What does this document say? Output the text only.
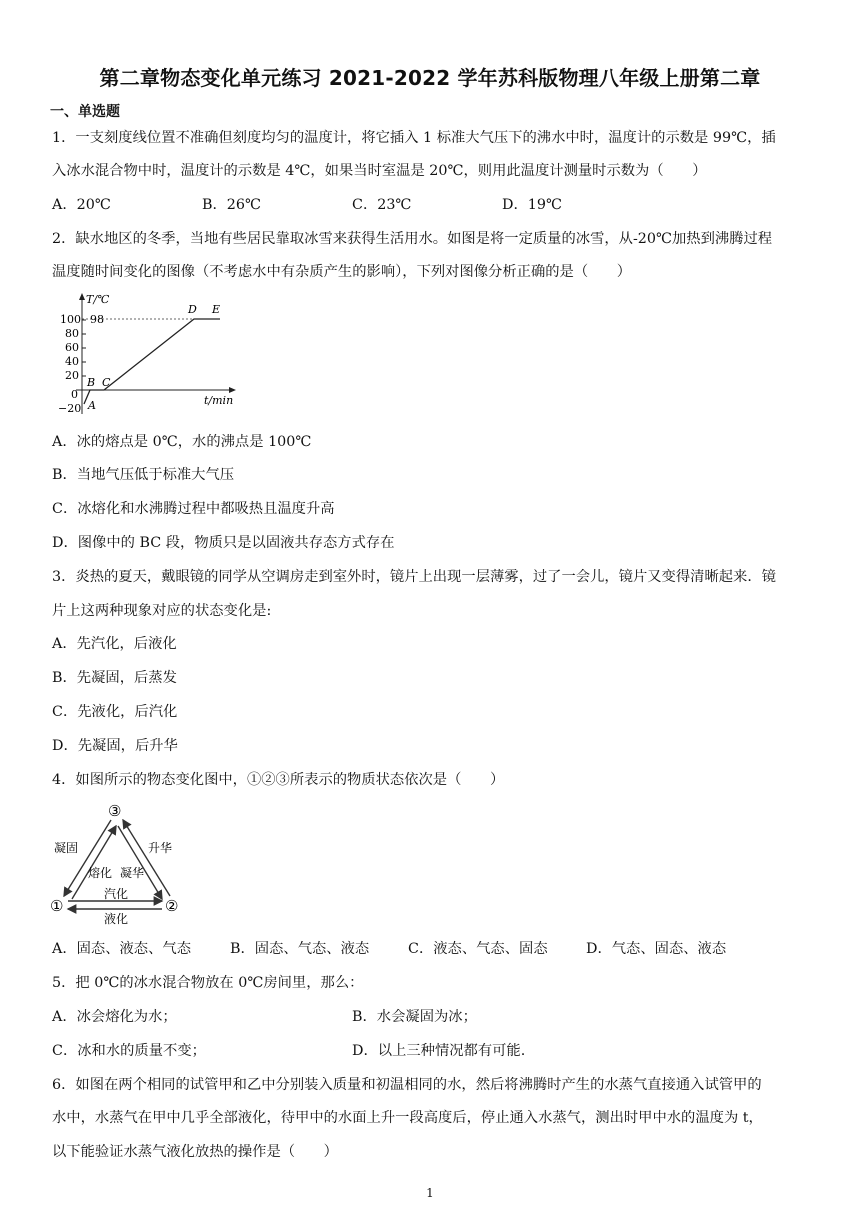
第二章物态变化单元练习 2021-2022 学年苏科版物理八年级上册第二章
一、单选题
1．一支刻度线位置不准确但刻度均匀的温度计，将它插入 1 标准大气压下的沸水中时，温度计的示数是 99℃，插
入冰水混合物中时，温度计的示数是 4℃，如果当时室温是 20℃，则用此温度计测量时示数为（　　）
A．20℃	B．26℃	C．23℃	D．19℃
2．缺水地区的冬季，当地有些居民靠取冰雪来获得生活用水。如图是将一定质量的冰雪，从-20℃加热到沸腾过程
温度随时间变化的图像（不考虑水中有杂质产生的影响），下列对图像分析正确的是（　　）
T/℃
100 98
80
60
40
20
0
−20 A
B C
D E
t/min
A．冰的熔点是 0℃，水的沸点是 100℃
B．当地气压低于标准大气压
C．冰熔化和水沸腾过程中都吸热且温度升高
D．图像中的 BC 段，物质只是以固液共存态方式存在
3．炎热的夏天，戴眼镜的同学从空调房走到室外时，镜片上出现一层薄雾，过了一会儿，镜片又变得清晰起来．镜
片上这两种现象对应的状态变化是:
A．先汽化，后液化
B．先凝固，后蒸发
C．先液化，后汽化
D．先凝固，后升华
4．如图所示的物态变化图中，①②③所表示的物质状态依次是（　　）
③
①	②
凝固
熔化
升华
凝华
汽化
液化
A．固态、液态、气态	B．固态、气态、液态	C．液态、气态、固态	D．气态、固态、液态
5．把 0℃的冰水混合物放在 0℃房间里，那么：
A．冰会熔化为水；	B．水会凝固为冰；
C．冰和水的质量不变；	D．以上三种情况都有可能.
6．如图在两个相同的试管甲和乙中分别装入质量和初温相同的水，然后将沸腾时产生的水蒸气直接通入试管甲的
水中，水蒸气在甲中几乎全部液化，待甲中的水面上升一段高度后，停止通入水蒸气，测出时甲中水的温度为 t，
以下能验证水蒸气液化放热的操作是（　　）
1
